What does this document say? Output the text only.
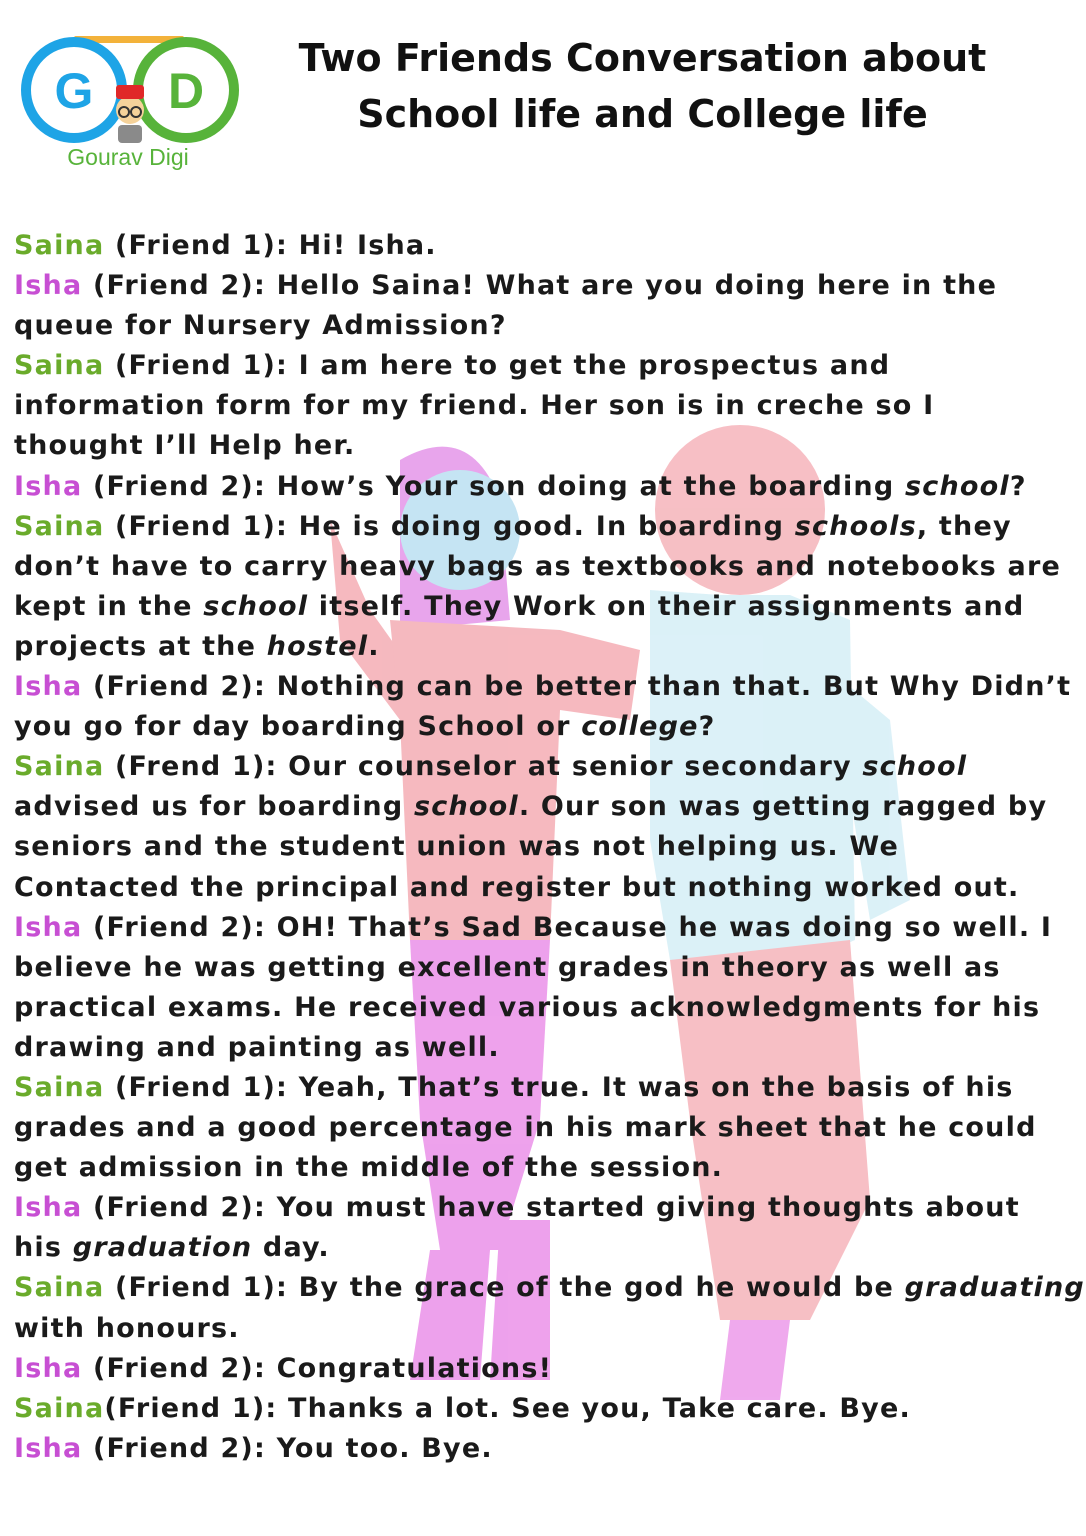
G D
Gourav Digi
Two Friends Conversation about
School life and College life
Saina (Friend 1): Hi! Isha.
Isha (Friend 2): Hello Saina! What are you doing here in the
queue for Nursery Admission?
Saina (Friend 1): I am here to get the prospectus and
information form for my friend. Her son is in creche so I
thought I’ll Help her.
Isha (Friend 2): How’s Your son doing at the boarding school?
Saina (Friend 1): He is doing good. In boarding schools, they
don’t have to carry heavy bags as textbooks and notebooks are
kept in the school itself. They Work on their assignments and
projects at the hostel.
Isha (Friend 2): Nothing can be better than that. But Why Didn’t
you go for day boarding School or college?
Saina (Frend 1): Our counselor at senior secondary school
advised us for boarding school. Our son was getting ragged by
seniors and the student union was not helping us. We
Contacted the principal and register but nothing worked out.
Isha (Friend 2): OH! That’s Sad Because he was doing so well. I
believe he was getting excellent grades in theory as well as
practical exams. He received various acknowledgments for his
drawing and painting as well.
Saina (Friend 1): Yeah, That’s true. It was on the basis of his
grades and a good percentage in his mark sheet that he could
get admission in the middle of the session.
Isha (Friend 2): You must have started giving thoughts about
his graduation day.
Saina (Friend 1): By the grace of the god he would be graduating
with honours.
Isha (Friend 2): Congratulations!
Saina(Friend 1): Thanks a lot. See you, Take care. Bye.
Isha (Friend 2): You too. Bye.
